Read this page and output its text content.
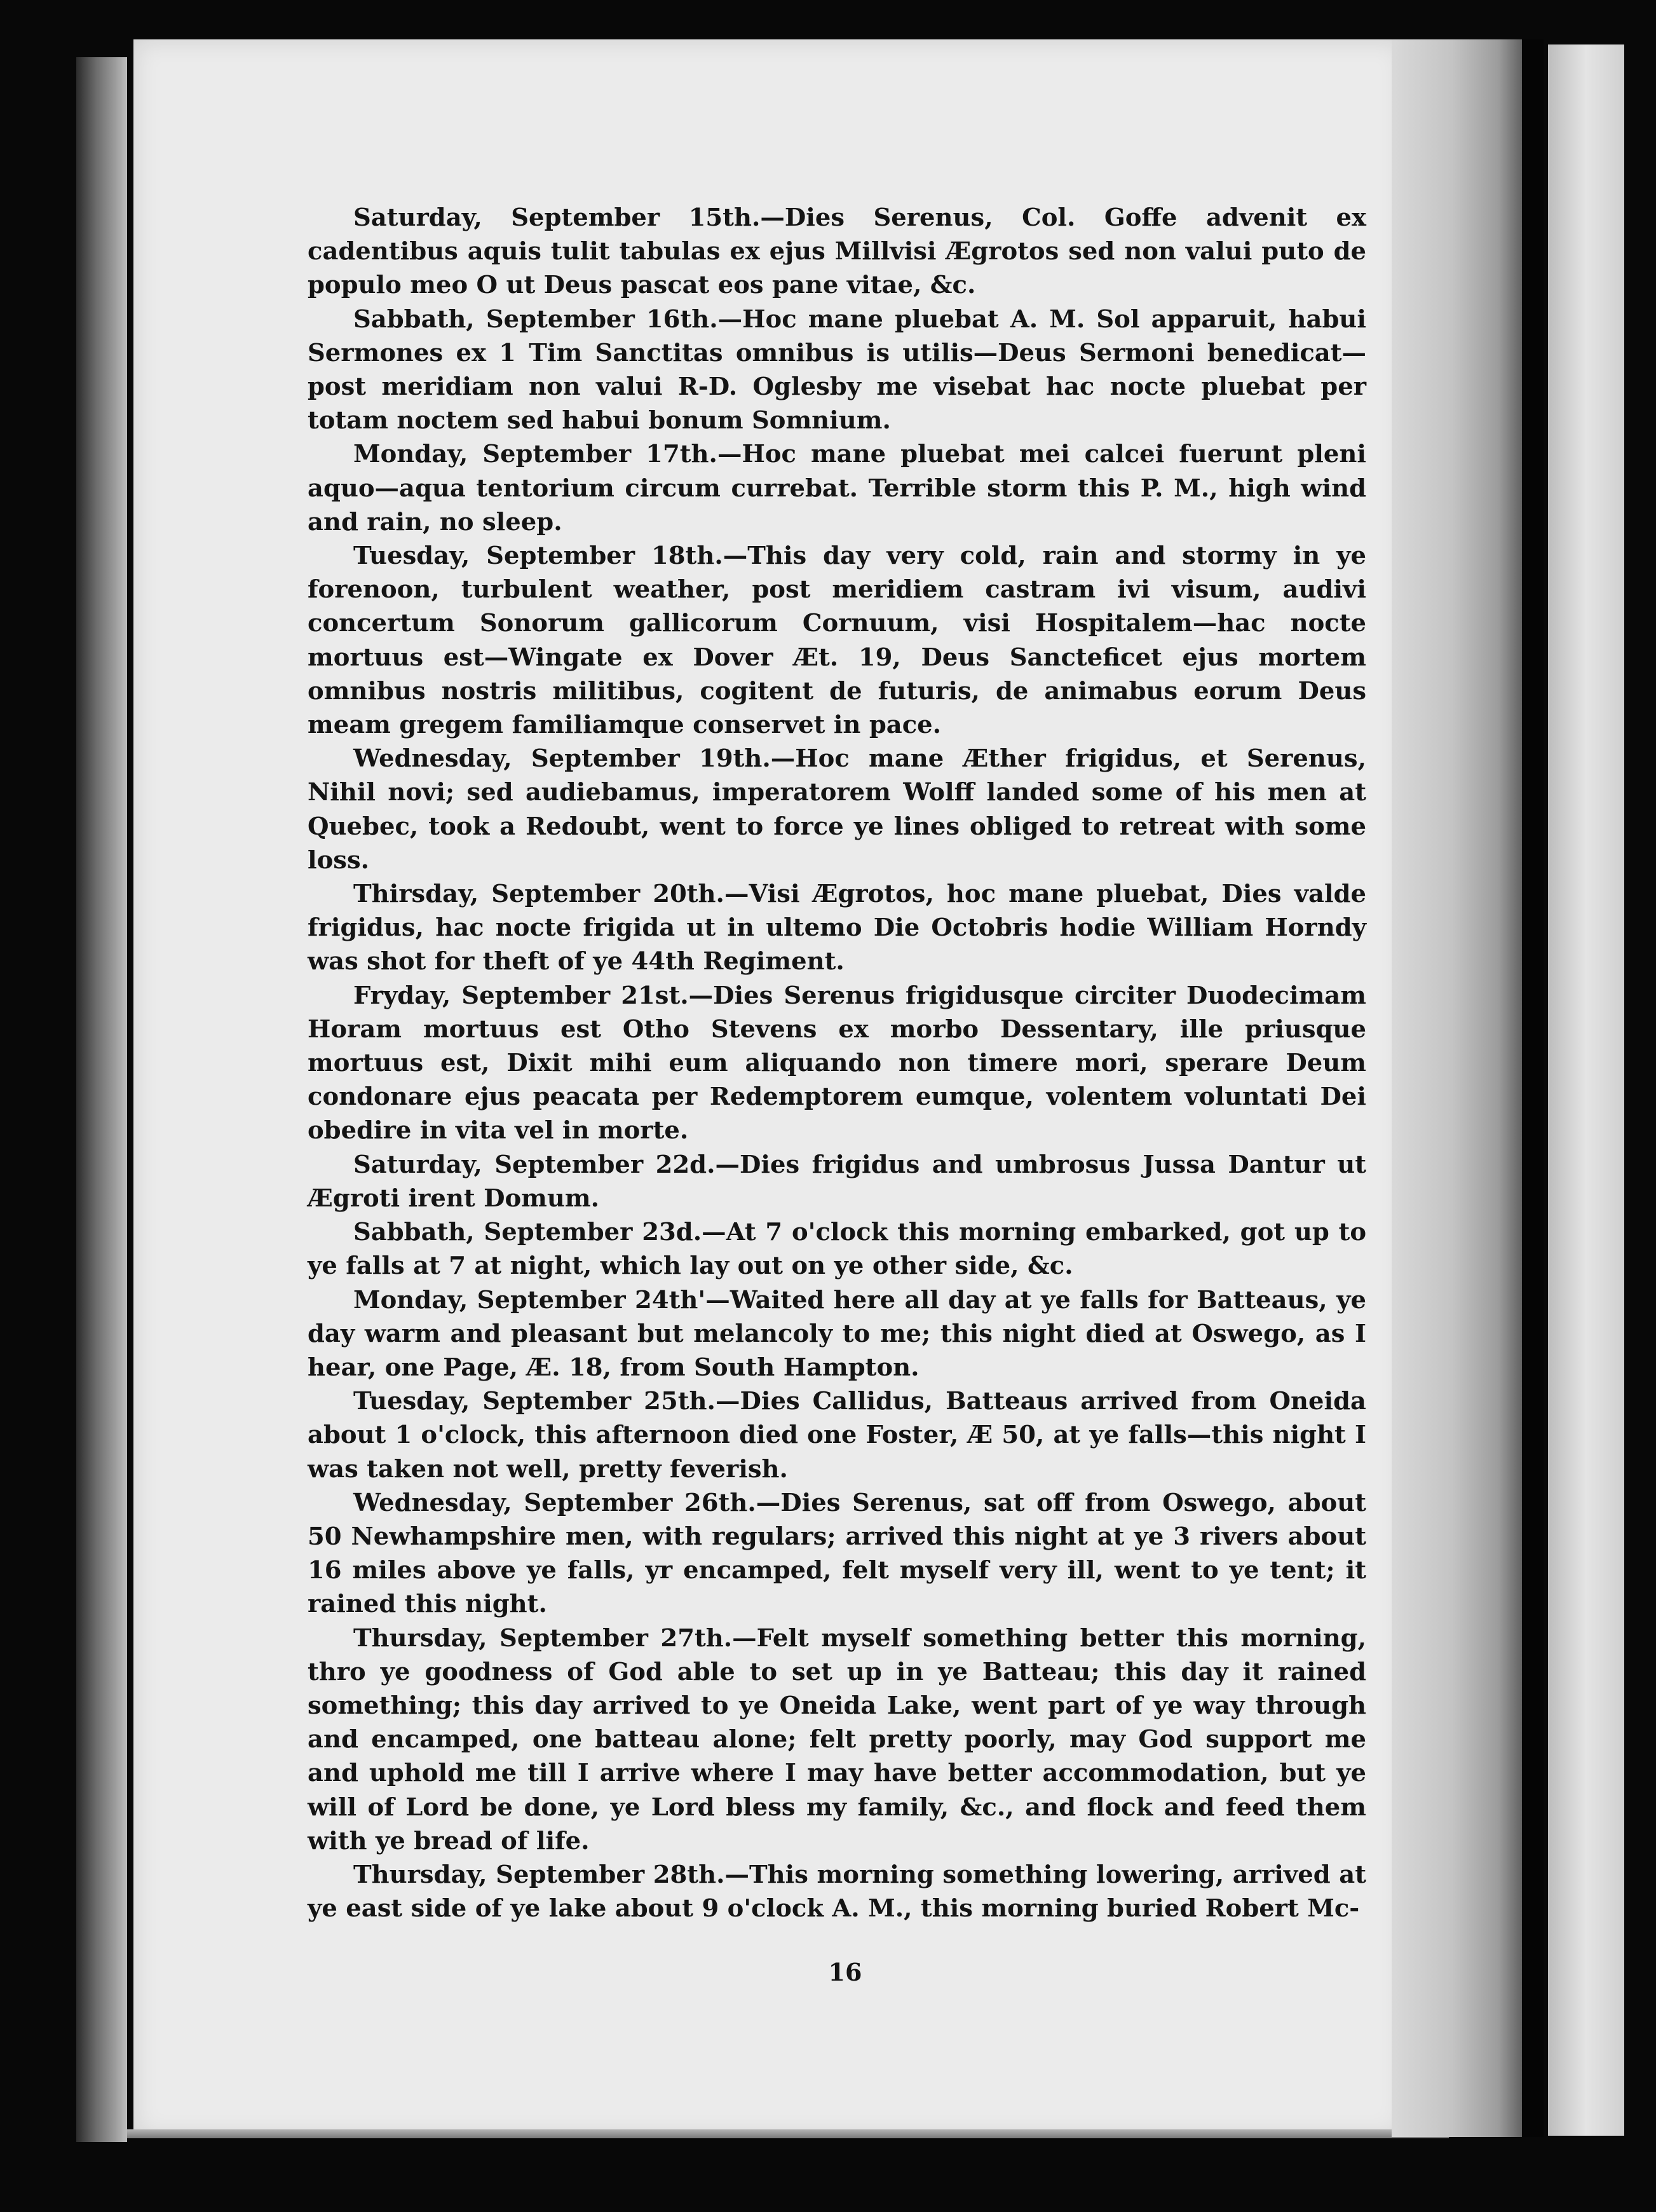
Saturday, September 15th.—Dies Serenus, Col. Goffe advenit ex cadentibus aquis tulit tabulas ex ejus Millvisi Ægrotos sed non valui puto de populo meo O ut Deus pascat eos pane vitae, &c.

Sabbath, September 16th.—Hoc mane pluebat A. M. Sol apparuit, habui Sermones ex 1 Tim Sanctitas omnibus is utilis—Deus Sermoni benedicat—post meridiam non valui R-D. Oglesby me visebat hac nocte pluebat per totam noctem sed habui bonum Somnium.

Monday, September 17th.—Hoc mane pluebat mei calcei fuerunt pleni aquo—aqua tentorium circum currebat. Terrible storm this P. M., high wind and rain, no sleep.

Tuesday, September 18th.—This day very cold, rain and stormy in ye forenoon, turbulent weather, post meridiem castram ivi visum, audivi concertum Sonorum gallicorum Cornuum, visi Hospitalem—hac nocte mortuus est—Wingate ex Dover Æt. 19, Deus Sancteficet ejus mortem omnibus nostris militibus, cogitent de futuris, de animabus eorum Deus meam gregem familiamque conservet in pace.

Wednesday, September 19th.—Hoc mane Æther frigidus, et Serenus, Nihil novi; sed audiebamus, imperatorem Wolff landed some of his men at Quebec, took a Redoubt, went to force ye lines obliged to retreat with some loss.

Thirsday, September 20th.—Visi Ægrotos, hoc mane pluebat, Dies valde frigidus, hac nocte frigida ut in ultemo Die Octobris hodie William Horndy was shot for theft of ye 44th Regiment.

Fryday, September 21st.—Dies Serenus frigidusque circiter Duodecimam Horam mortuus est Otho Stevens ex morbo Dessentary, ille priusque mortuus est, Dixit mihi eum aliquando non timere mori, sperare Deum condonare ejus peacata per Redemptorem eumque, volentem voluntati Dei obedire in vita vel in morte.

Saturday, September 22d.—Dies frigidus and umbrosus Jussa Dantur ut Ægroti irent Domum.

Sabbath, September 23d.—At 7 o'clock this morning embarked, got up to ye falls at 7 at night, which lay out on ye other side, &c.

Monday, September 24th'—Waited here all day at ye falls for Batteaus, ye day warm and pleasant but melancoly to me; this night died at Oswego, as I hear, one Page, Æ. 18, from South Hampton.

Tuesday, September 25th.—Dies Callidus, Batteaus arrived from Oneida about 1 o'clock, this afternoon died one Foster, Æ 50, at ye falls—this night I was taken not well, pretty feverish.

Wednesday, September 26th.—Dies Serenus, sat off from Oswego, about 50 Newhampshire men, with regulars; arrived this night at ye 3 rivers about 16 miles above ye falls, yr encamped, felt myself very ill, went to ye tent; it rained this night.

Thursday, September 27th.—Felt myself something better this morning, thro ye goodness of God able to set up in ye Batteau; this day it rained something; this day arrived to ye Oneida Lake, went part of ye way through and encamped, one batteau alone; felt pretty poorly, may God support me and uphold me till I arrive where I may have better accommodation, but ye will of Lord be done, ye Lord bless my family, &c., and flock and feed them with ye bread of life.

Thursday, September 28th.—This morning something lowering, arrived at ye east side of ye lake about 9 o'clock A. M., this morning buried Robert Mc-

16
